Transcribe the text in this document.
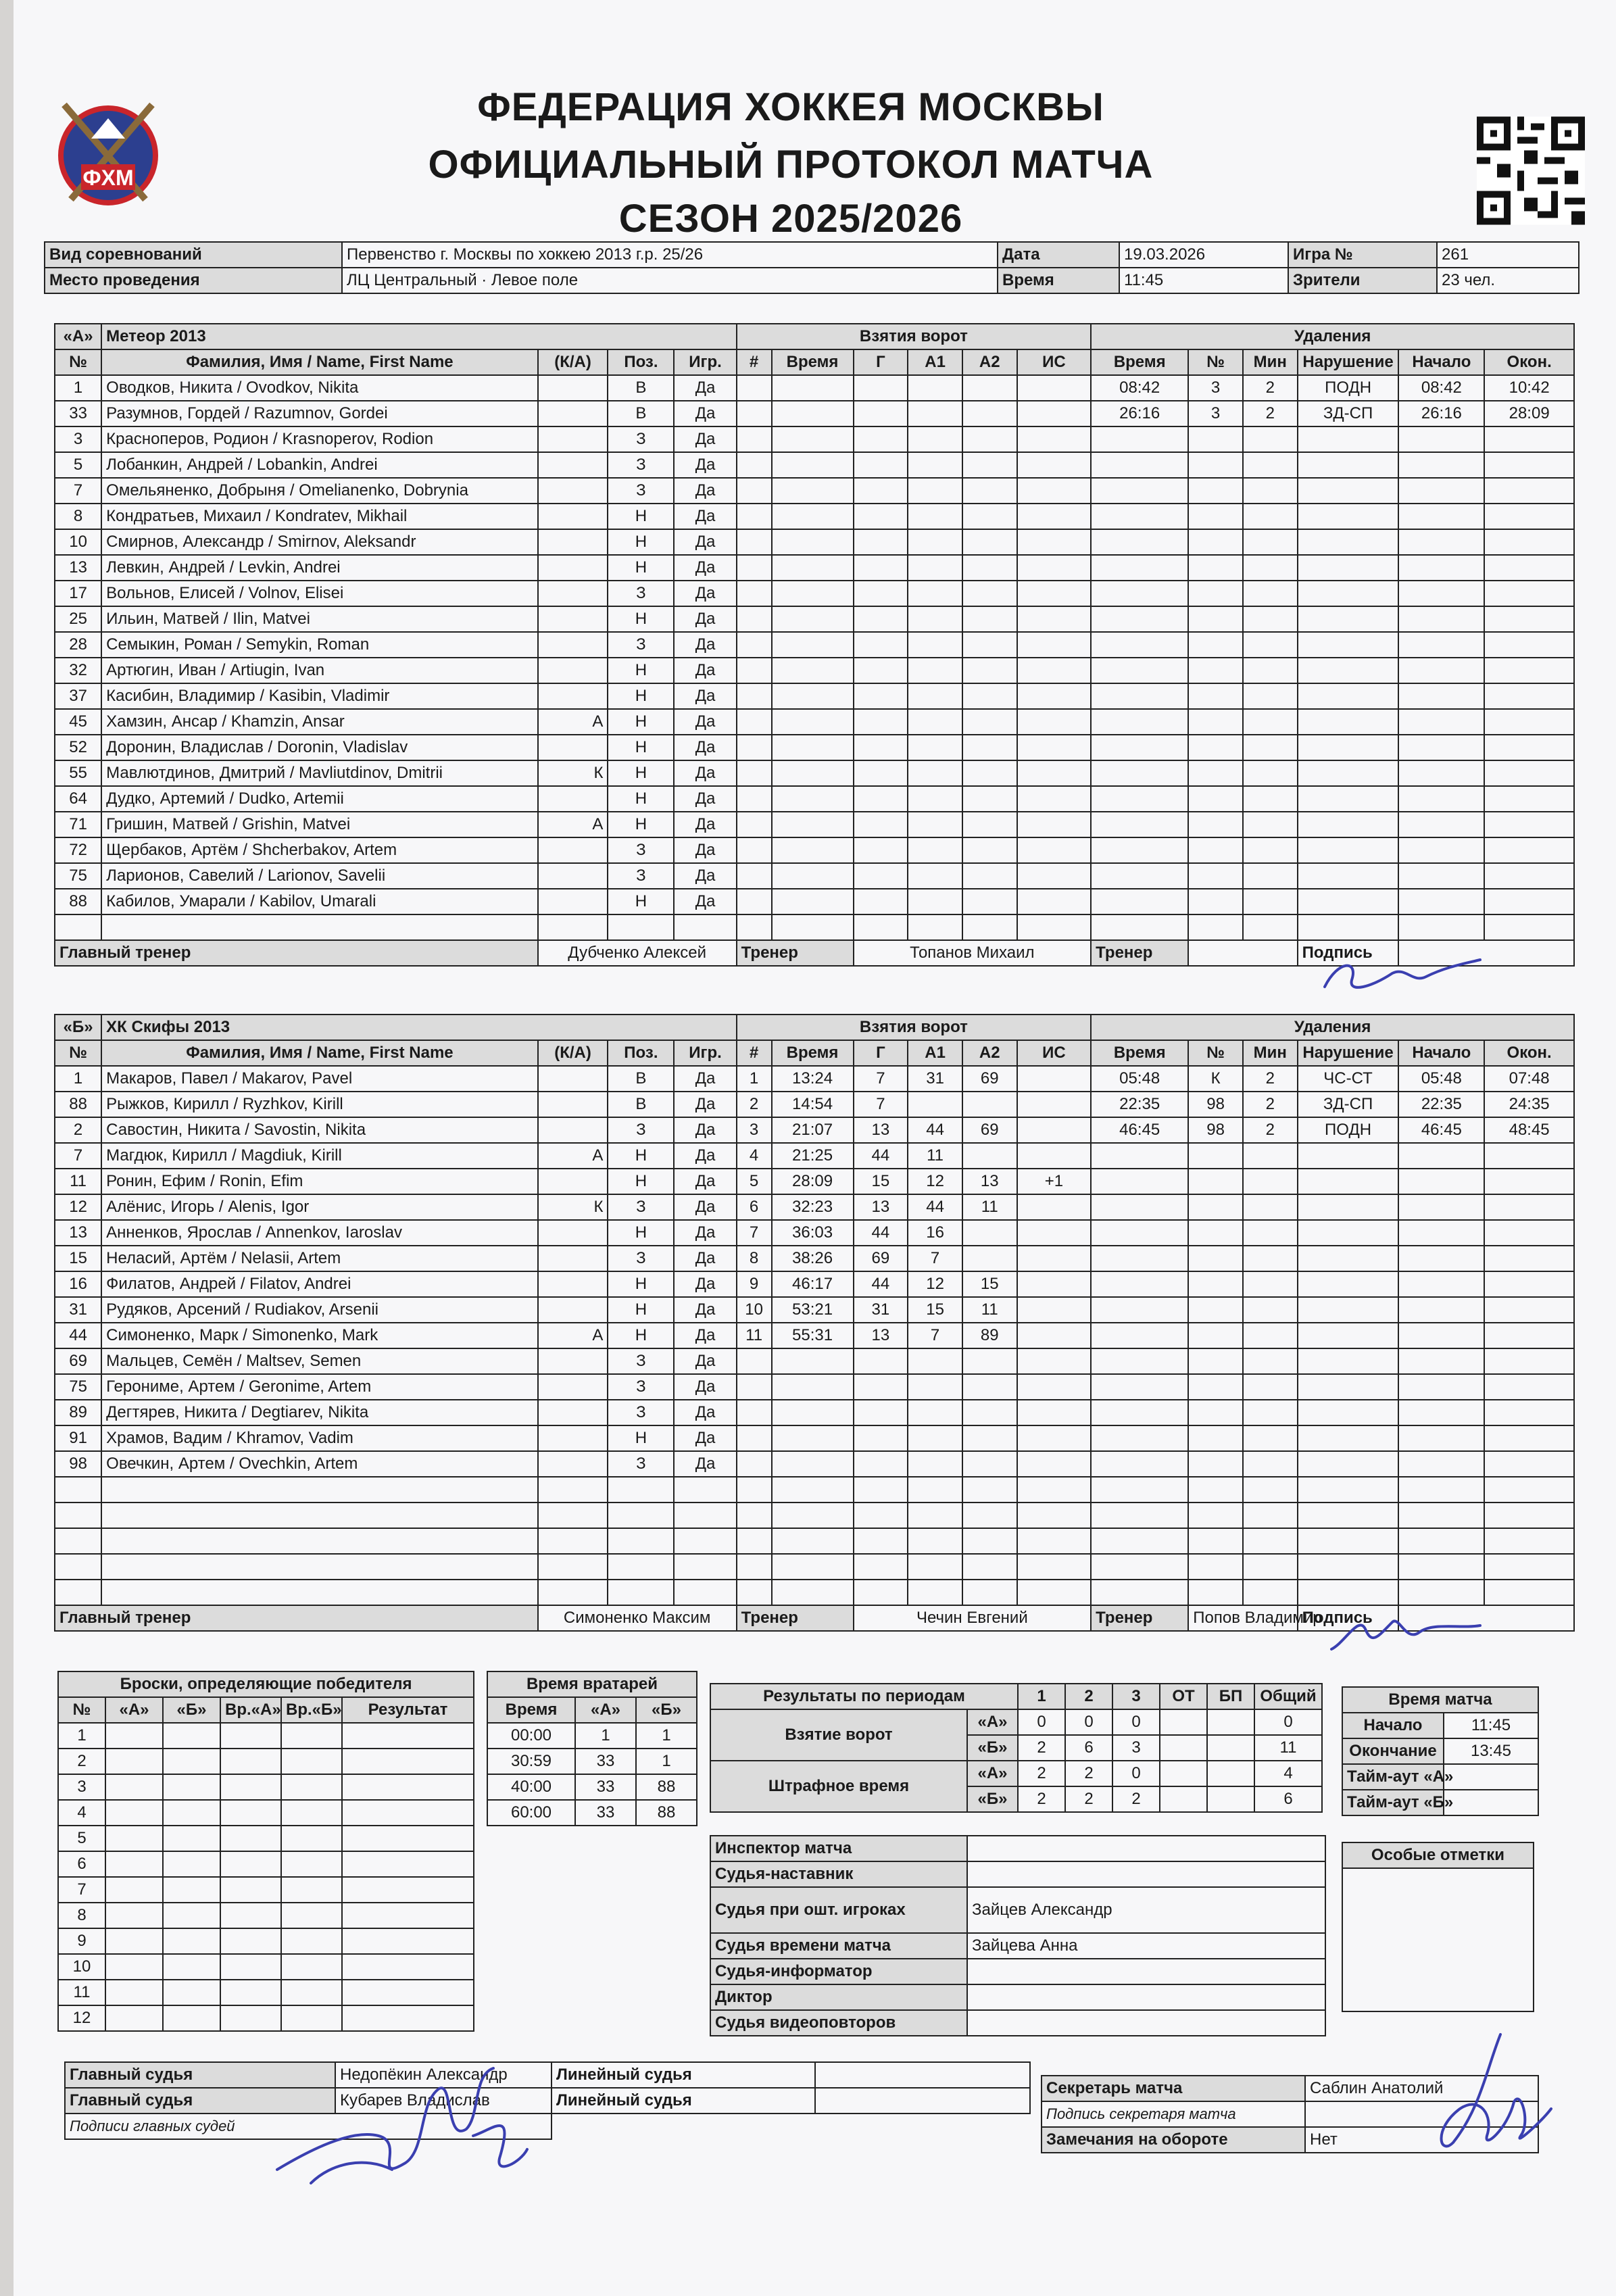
ФХМ
ФЕДЕРАЦИЯ ХОККЕЯ МОСКВЫ
ОФИЦИАЛЬНЫЙ ПРОТОКОЛ МАТЧА
СЕЗОН 2025/2026
Вид соревнований	Первенство г. Москвы по хоккею 2013 г.р. 25/26	Дата	19.03.2026	Игра №	261
Место проведения	ЛЦ Центральный · Левое поле	Время	11:45	Зрители	23 чел.
«А»	Метеор 2013				Взятия ворот						Удаления					
№	Фамилия, Имя / Name, First Name	(К/А)	Поз.	Игр.	#	Время	Г	А1	А2	ИС	Время	№	Мин	Нарушение	Начало	Окон.
1	Оводков, Никита / Ovodkov, Nikita		В	Да							08:42	3	2	ПОДН	08:42	10:42
33	Разумнов, Гордей / Razumnov, Gordei		В	Да							26:16	3	2	ЗД-СП	26:16	28:09
3	Красноперов, Родион / Krasnoperov, Rodion		З	Да												
5	Лобанкин, Андрей / Lobankin, Andrei		З	Да												
7	Омельяненко, Добрыня / Omelianenko, Dobrynia		З	Да												
8	Кондратьев, Михаил / Kondratev, Mikhail		Н	Да												
10	Смирнов, Александр / Smirnov, Aleksandr		Н	Да												
13	Левкин, Андрей / Levkin, Andrei		Н	Да												
17	Вольнов, Елисей / Volnov, Elisei		З	Да												
25	Ильин, Матвей / Ilin, Matvei		Н	Да												
28	Семыкин, Роман / Semykin, Roman		З	Да												
32	Артюгин, Иван / Artiugin, Ivan		Н	Да												
37	Касибин, Владимир / Kasibin, Vladimir		Н	Да												
45	Хамзин, Ансар / Khamzin, Ansar	А	Н	Да												
52	Доронин, Владислав / Doronin, Vladislav		Н	Да												
55	Мавлютдинов, Дмитрий / Mavliutdinov, Dmitrii	К	Н	Да												
64	Дудко, Артемий / Dudko, Artemii		Н	Да												
71	Гришин, Матвей / Grishin, Matvei	А	Н	Да												
72	Щербаков, Артём / Shcherbakov, Artem		З	Да												
75	Ларионов, Савелий / Larionov, Savelii		З	Да												
88	Кабилов, Умарали / Kabilov, Umarali		Н	Да												

Главный тренер		Дубченко Алексей			Тренер		Топанов Михаил				Тренер			Подпись		
«Б»	ХК Скифы 2013				Взятия ворот						Удаления					
№	Фамилия, Имя / Name, First Name	(К/А)	Поз.	Игр.	#	Время	Г	А1	А2	ИС	Время	№	Мин	Нарушение	Начало	Окон.
1	Макаров, Павел / Makarov, Pavel		В	Да	1	13:24	7	31	69		05:48	К	2	ЧС-СТ	05:48	07:48
88	Рыжков, Кирилл / Ryzhkov, Kirill		В	Да	2	14:54	7				22:35	98	2	ЗД-СП	22:35	24:35
2	Савостин, Никита / Savostin, Nikita		З	Да	3	21:07	13	44	69		46:45	98	2	ПОДН	46:45	48:45
7	Магдюк, Кирилл / Magdiuk, Kirill	А	Н	Да	4	21:25	44	11								
11	Ронин, Ефим / Ronin, Efim		Н	Да	5	28:09	15	12	13	+1						
12	Алёнис, Игорь / Alenis, Igor	К	З	Да	6	32:23	13	44	11							
13	Анненков, Ярослав / Annenkov, Iaroslav		Н	Да	7	36:03	44	16								
15	Неласий, Артём / Nelasii, Artem		З	Да	8	38:26	69	7								
16	Филатов, Андрей / Filatov, Andrei		Н	Да	9	46:17	44	12	15							
31	Рудяков, Арсений / Rudiakov, Arsenii		Н	Да	10	53:21	31	15	11							
44	Симоненко, Марк / Simonenko, Mark	А	Н	Да	11	55:31	13	7	89							
69	Мальцев, Семён / Maltsev, Semen		З	Да												
75	Герониме, Артем / Geronime, Artem		З	Да												
89	Дегтярев, Никита / Degtiarev, Nikita		З	Да												
91	Храмов, Вадим / Khramov, Vadim		Н	Да												
98	Овечкин, Артем / Ovechkin, Artem		З	Да												

Главный тренер		Симоненко Максим			Тренер		Чечин Евгений				Тренер	Попов Владимир		Подпись		
Броски, определяющие победителя					
№	«А»	«Б»	Вр.«А»	Вр.«Б»	Результат
1					
2					
3					
4					
5					
6					
7					
8					
9					
10					
11					
12					
Время вратарей		
Время	«А»	«Б»
00:00	1	1
30:59	33	1
40:00	33	88
60:00	33	88
Результаты по периодам		1	2	3	ОТ	БП	Общий
Взятие ворот	«А»	0	0	0			0
	«Б»	2	6	3			11
Штрафное время	«А»	2	2	0			4
	«Б»	2	2	2			6
Время матча	
Начало	11:45
Окончание	13:45
Тайм-аут «А»	
Тайм-аут «Б»	
Инспектор матча	
Судья-наставник	
Судья при ошт. игроках	Зайцев Александр
Судья времени матча	Зайцева Анна
Судья-информатор	
Диктор	
Судья видеоповторов	
Особые отметки

Главный судья	Недопёкин Александр	Линейный судья
Главный судья	Кубарев Владислав	Линейный судья
Подписи главных судей		

Секретарь матча	Саблин Анатолий
Подпись секретаря матча	
Замечания на обороте	Нет
